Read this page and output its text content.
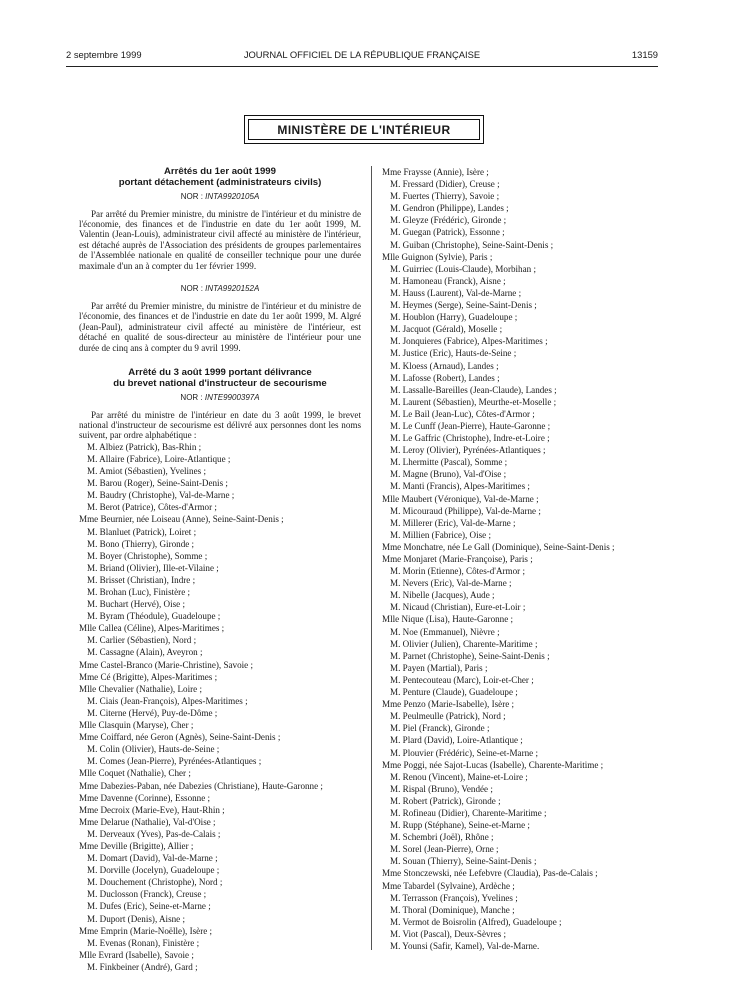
2 septembre 1999	JOURNAL OFFICIEL DE LA RÉPUBLIQUE FRANÇAISE	13159
MINISTÈRE DE L'INTÉRIEUR
Arrêtés du 1er août 1999
portant détachement (administrateurs civils)
NOR : INTA9920105A

Par arrêté du Premier ministre, du ministre de l'intérieur et du ministre de l'économie, des finances et de l'industrie en date du 1er août 1999, M. Valentin (Jean-Louis), administrateur civil affecté au ministère de l'intérieur, est détaché auprès de l'Association des présidents de groupes parlementaires de l'Assemblée nationale en qualité de conseiller technique pour une durée maximale d'un an à compter du 1er février 1999.

NOR : INTA9920152A

Par arrêté du Premier ministre, du ministre de l'intérieur et du ministre de l'économie, des finances et de l'industrie en date du 1er août 1999, M. Algré (Jean-Paul), administrateur civil affecté au ministère de l'intérieur, est détaché en qualité de sous-directeur au ministère de l'intérieur pour une durée de cinq ans à compter du 9 avril 1999.

Arrêté du 3 août 1999 portant délivrance
du brevet national d'instructeur de secourisme
NOR : INTE9900397A

Par arrêté du ministre de l'intérieur en date du 3 août 1999, le brevet national d'instructeur de secourisme est délivré aux personnes dont les noms suivent, par ordre alphabétique :

M. Albiez (Patrick), Bas-Rhin ;
M. Allaire (Fabrice), Loire-Atlantique ;
M. Amiot (Sébastien), Yvelines ;
M. Barou (Roger), Seine-Saint-Denis ;
M. Baudry (Christophe), Val-de-Marne ;
M. Berot (Patrice), Côtes-d'Armor ;
Mme Beurnier, née Loiseau (Anne), Seine-Saint-Denis ;
M. Blanluet (Patrick), Loiret ;
M. Bono (Thierry), Gironde ;
M. Boyer (Christophe), Somme ;
M. Briand (Olivier), Ille-et-Vilaine ;
M. Brisset (Christian), Indre ;
M. Brohan (Luc), Finistère ;
M. Buchart (Hervé), Oise ;
M. Byram (Théodule), Guadeloupe ;
Mlle Callea (Céline), Alpes-Maritimes ;
M. Carlier (Sébastien), Nord ;
M. Cassagne (Alain), Aveyron ;
Mme Castel-Branco (Marie-Christine), Savoie ;
Mme Cé (Brigitte), Alpes-Maritimes ;
Mlle Chevalier (Nathalie), Loire ;
M. Ciais (Jean-François), Alpes-Maritimes ;
M. Citerne (Hervé), Puy-de-Dôme ;
Mlle Clasquin (Maryse), Cher ;
Mme Coiffard, née Geron (Agnès), Seine-Saint-Denis ;
M. Colin (Olivier), Hauts-de-Seine ;
M. Comes (Jean-Pierre), Pyrénées-Atlantiques ;
Mlle Coquet (Nathalie), Cher ;
Mme Dabezies-Paban, née Dabezies (Christiane), Haute-Garonne ;
Mme Davenne (Corinne), Essonne ;
Mme Decroix (Marie-Eve), Haut-Rhin ;
Mme Delarue (Nathalie), Val-d'Oise ;
M. Derveaux (Yves), Pas-de-Calais ;
Mme Deville (Brigitte), Allier ;
M. Domart (David), Val-de-Marne ;
M. Dorville (Jocelyn), Guadeloupe ;
M. Douchement (Christophe), Nord ;
M. Duclosson (Franck), Creuse ;
M. Dufes (Eric), Seine-et-Marne ;
M. Duport (Denis), Aisne ;
Mme Emprin (Marie-Noëlle), Isère ;
M. Evenas (Ronan), Finistère ;
Mlle Evrard (Isabelle), Savoie ;
M. Finkbeiner (André), Gard ;
Mme Fraysse (Annie), Isère ;
M. Fressard (Didier), Creuse ;
M. Fuertes (Thierry), Savoie ;
M. Gendron (Philippe), Landes ;
M. Gleyze (Frédéric), Gironde ;
M. Guegan (Patrick), Essonne ;
M. Guiban (Christophe), Seine-Saint-Denis ;
Mlle Guignon (Sylvie), Paris ;
M. Guirriec (Louis-Claude), Morbihan ;
M. Hamoneau (Franck), Aisne ;
M. Hauss (Laurent), Val-de-Marne ;
M. Heymes (Serge), Seine-Saint-Denis ;
M. Houblon (Harry), Guadeloupe ;
M. Jacquot (Gérald), Moselle ;
M. Jonquieres (Fabrice), Alpes-Maritimes ;
M. Justice (Eric), Hauts-de-Seine ;
M. Kloess (Arnaud), Landes ;
M. Lafosse (Robert), Landes ;
M. Lassalle-Bareilles (Jean-Claude), Landes ;
M. Laurent (Sébastien), Meurthe-et-Moselle ;
M. Le Bail (Jean-Luc), Côtes-d'Armor ;
M. Le Cunff (Jean-Pierre), Haute-Garonne ;
M. Le Gaffric (Christophe), Indre-et-Loire ;
M. Leroy (Olivier), Pyrénées-Atlantiques ;
M. Lhermitte (Pascal), Somme ;
M. Magne (Bruno), Val-d'Oise ;
M. Manti (Francis), Alpes-Maritimes ;
Mlle Maubert (Véronique), Val-de-Marne ;
M. Micouraud (Philippe), Val-de-Marne ;
M. Millerer (Eric), Val-de-Marne ;
M. Millien (Fabrice), Oise ;
Mme Monchatre, née Le Gall (Dominique), Seine-Saint-Denis ;
Mme Monjaret (Marie-Françoise), Paris ;
M. Morin (Etienne), Côtes-d'Armor ;
M. Nevers (Eric), Val-de-Marne ;
M. Nibelle (Jacques), Aude ;
M. Nicaud (Christian), Eure-et-Loir ;
Mlle Nique (Lisa), Haute-Garonne ;
M. Noe (Emmanuel), Nièvre ;
M. Olivier (Julien), Charente-Maritime ;
M. Parnet (Christophe), Seine-Saint-Denis ;
M. Payen (Martial), Paris ;
M. Pentecouteau (Marc), Loir-et-Cher ;
M. Penture (Claude), Guadeloupe ;
Mme Penzo (Marie-Isabelle), Isère ;
M. Peulmeulle (Patrick), Nord ;
M. Piel (Franck), Gironde ;
M. Plard (David), Loire-Atlantique ;
M. Plouvier (Frédéric), Seine-et-Marne ;
Mme Poggi, née Sajot-Lucas (Isabelle), Charente-Maritime ;
M. Renou (Vincent), Maine-et-Loire ;
M. Rispal (Bruno), Vendée ;
M. Robert (Patrick), Gironde ;
M. Rofineau (Didier), Charente-Maritime ;
M. Rupp (Stéphane), Seine-et-Marne ;
M. Schembri (Joël), Rhône ;
M. Sorel (Jean-Pierre), Orne ;
M. Souan (Thierry), Seine-Saint-Denis ;
Mme Stonczewski, née Lefebvre (Claudia), Pas-de-Calais ;
Mme Tabardel (Sylvaine), Ardèche ;
M. Terrasson (François), Yvelines ;
M. Thoral (Dominique), Manche ;
M. Vermot de Boisrolin (Alfred), Guadeloupe ;
M. Viot (Pascal), Deux-Sèvres ;
M. Younsi (Safir, Kamel), Val-de-Marne.
